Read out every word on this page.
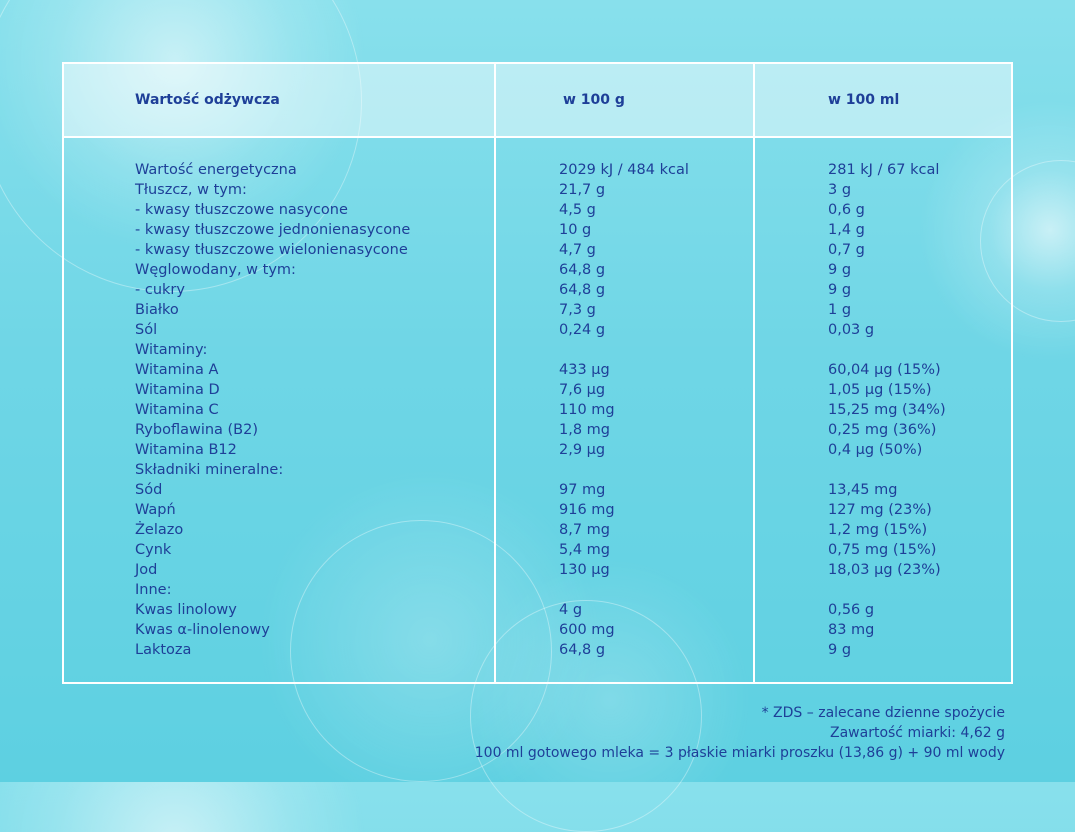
Wartość odżywcza	w 100 g	w 100 ml
Wartość energetyczna
Tłuszcz, w tym:
- kwasy tłuszczowe nasycone
- kwasy tłuszczowe jednonienasycone
- kwasy tłuszczowe wielonienasycone
Węglowodany, w tym:
- cukry
Białko
Sól
Witaminy:
Witamina A
Witamina D
Witamina C
Ryboflawina (B2)
Witamina B12
Składniki mineralne:
Sód
Wapń
Żelazo
Cynk
Jod
Inne:
Kwas linolowy
Kwas α-linolenowy
Laktoza
2029 kJ / 484 kcal
21,7 g
4,5 g
10 g
4,7 g
64,8 g
64,8 g
7,3 g
0,24 g
433 µg
7,6 µg
110 mg
1,8 mg
2,9 µg
97 mg
916 mg
8,7 mg
5,4 mg
130 µg
4 g
600 mg
64,8 g
281 kJ / 67 kcal
3 g
0,6 g
1,4 g
0,7 g
9 g
9 g
1 g
0,03 g
60,04 µg (15%)
1,05 µg (15%)
15,25 mg (34%)
0,25 mg (36%)
0,4 µg (50%)
13,45 mg
127 mg (23%)
1,2 mg (15%)
0,75 mg (15%)
18,03 µg (23%)
0,56 g
83 mg
9 g
* ZDS – zalecane dzienne spożycie
Zawartość miarki: 4,62 g
100 ml gotowego mleka = 3 płaskie miarki proszku (13,86 g) + 90 ml wody
